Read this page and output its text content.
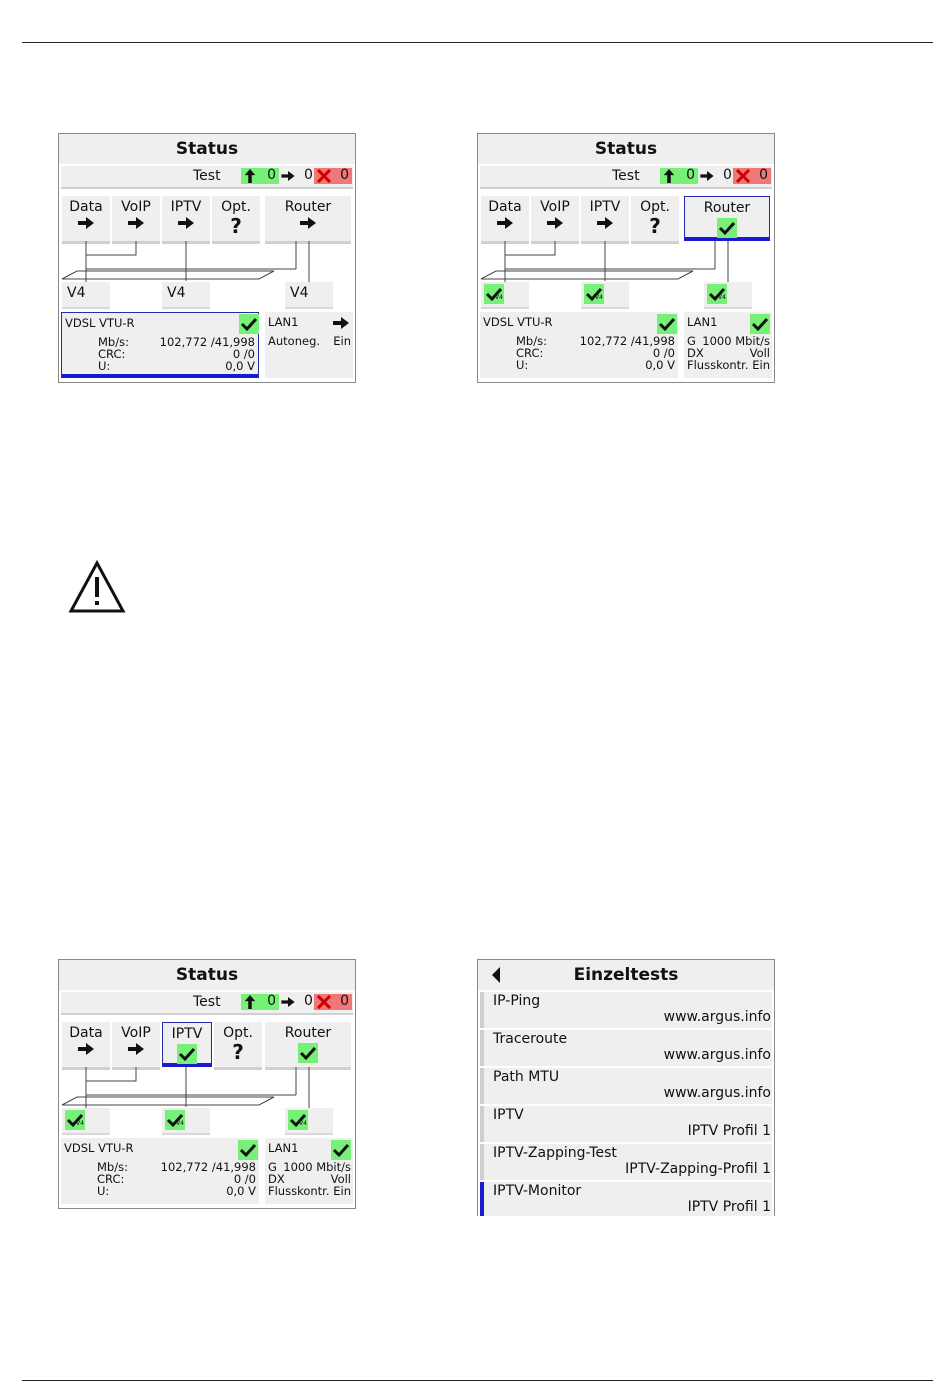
Status
Test	0 0 0
Data	VoIP	IPTV	Opt.
?
Router
V4	V4	V4
VDSL VTU-R
Mb/s:	102,772 /41,998
CRC:	0 /0
U:	0,0 V
LAN1
Autoneg. Ein
Status
Test	0 0 0
Data	VoIP	IPTV	Opt.
?
Router
V4	V4	V4
VDSL VTU-R
Mb/s:	102,772 /41,998
CRC:	0 /0
U:	0,0 V
LAN1
G 1000 Mbit/s
DX	Voll
Flusskontr. Ein
Status
Test	0 0 0
Data	VoIP	IPTV	Opt.
?
Router
V4	V4	V4
VDSL VTU-R
Mb/s:	102,772 /41,998
CRC:	0 /0
U:	0,0 V
LAN1
G 1000 Mbit/s
DX	Voll
Flusskontr. Ein
Einzeltests
IP-Ping
www.argus.info
Traceroute
www.argus.info
Path MTU
www.argus.info
IPTV
IPTV Profil 1
IPTV-Zapping-Test
IPTV-Zapping-Profil 1
IPTV-Monitor
IPTV Profil 1
